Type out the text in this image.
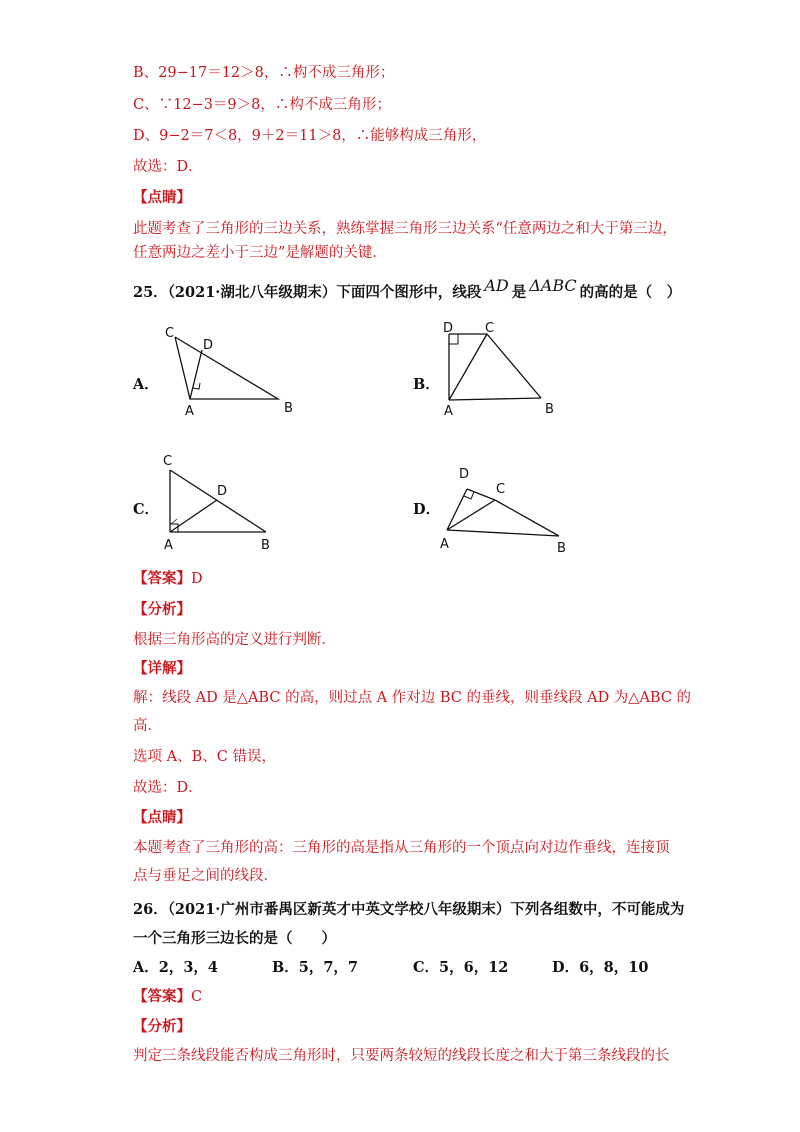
B、29−17＝12＞8，∴构不成三角形；
C、∵12−3＝9＞8，∴构不成三角形；
D、9−2＝7＜8，9＋2＝11＞8，∴能够构成三角形，
故选：D．
【点睛】
此题考查了三角形的三边关系，熟练掌握三角形三边关系“任意两边之和大于第三边，
任意两边之差小于三边”是解题的关键．
25．（2021·湖北八年级期末）下面四个图形中，线段 AD 是 ΔABC 的高的是（　）
A．
C
D
A	B
B．
D C
A	B
C．
C
D
A	B
D．
D
C
A	B
【答案】D
【分析】
根据三角形高的定义进行判断．
【详解】
解：线段 AD 是△ABC 的高，则过点 A 作对边 BC 的垂线，则垂线段 AD 为△ABC 的
高．
选项 A、B、C 错误，
故选：D．
【点睛】
本题考查了三角形的高：三角形的高是指从三角形的一个顶点向对边作垂线，连接顶
点与垂足之间的线段．
26．（2021·广州市番禺区新英才中英文学校八年级期末）下列各组数中，不可能成为
一个三角形三边长的是（　　）
A．2，3，4	B．5，7，7	C．5，6，12	D．6，8，10
【答案】C
【分析】
判定三条线段能否构成三角形时，只要两条较短的线段长度之和大于第三条线段的长
